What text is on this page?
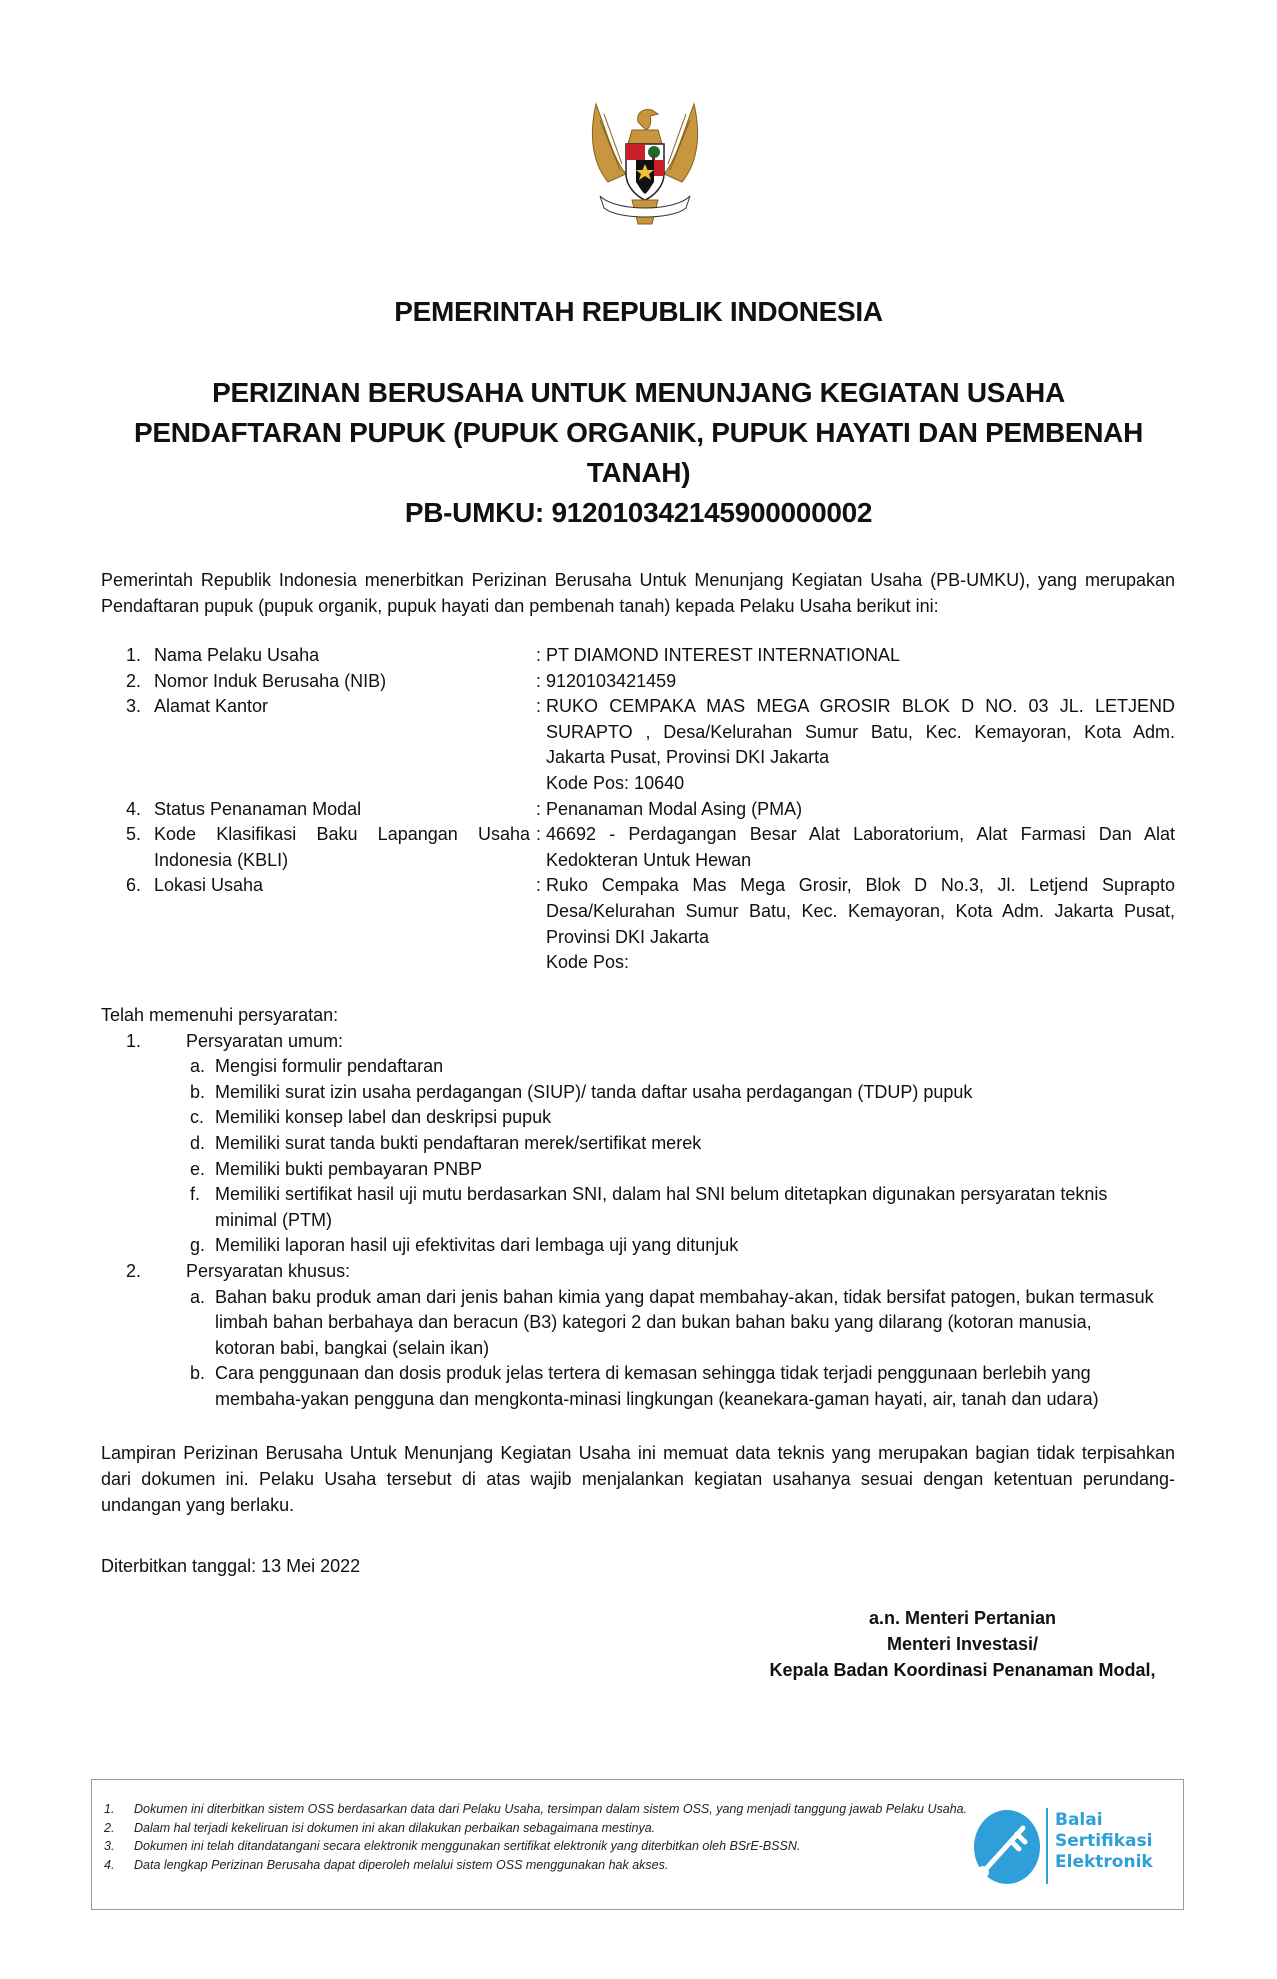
PEMERINTAH REPUBLIK INDONESIA
PERIZINAN BERUSAHA UNTUK MENUNJANG KEGIATAN USAHA
PENDAFTARAN PUPUK (PUPUK ORGANIK, PUPUK HAYATI DAN PEMBENAH
TANAH)
PB-UMKU: 912010342145900000002
Pemerintah Republik Indonesia menerbitkan Perizinan Berusaha Untuk Menunjang Kegiatan Usaha (PB-UMKU), yang merupakan Pendaftaran pupuk (pupuk organik, pupuk hayati dan pembenah tanah) kepada Pelaku Usaha berikut ini:
1. Nama Pelaku Usaha	: PT DIAMOND INTEREST INTERNATIONAL
2. Nomor Induk Berusaha (NIB)	: 9120103421459
3. Alamat Kantor	: RUKO CEMPAKA MAS MEGA GROSIR BLOK D NO. 03 JL. LETJEND SURAPTO , Desa/Kelurahan Sumur Batu, Kec. Kemayoran, Kota Adm. Jakarta Pusat, Provinsi DKI Jakarta
Kode Pos: 10640
4. Status Penanaman Modal	: Penanaman Modal Asing (PMA)
5. Kode Klasifikasi Baku Lapangan Usaha Indonesia (KBLI)
: 46692 - Perdagangan Besar Alat Laboratorium, Alat Farmasi Dan Alat Kedokteran Untuk Hewan
6. Lokasi Usaha	: Ruko Cempaka Mas Mega Grosir, Blok D No.3, Jl. Letjend Suprapto Desa/Kelurahan Sumur Batu, Kec. Kemayoran, Kota Adm. Jakarta Pusat, Provinsi DKI Jakarta
Kode Pos:
Telah memenuhi persyaratan:
1.	Persyaratan umum:
a. Mengisi formulir pendaftaran
b. Memiliki surat izin usaha perdagangan (SIUP)/ tanda daftar usaha perdagangan (TDUP) pupuk
c. Memiliki konsep label dan deskripsi pupuk
d. Memiliki surat tanda bukti pendaftaran merek/sertifikat merek
e. Memiliki bukti pembayaran PNBP
f. Memiliki sertifikat hasil uji mutu berdasarkan SNI, dalam hal SNI belum ditetapkan digunakan persyaratan teknis minimal (PTM)
g. Memiliki laporan hasil uji efektivitas dari lembaga uji yang ditunjuk
2.	Persyaratan khusus:
a. Bahan baku produk aman dari jenis bahan kimia yang dapat membahay-akan, tidak bersifat patogen, bukan termasuk limbah bahan berbahaya dan beracun (B3) kategori 2 dan bukan bahan baku yang dilarang (kotoran manusia, kotoran babi, bangkai (selain ikan)
b. Cara penggunaan dan dosis produk jelas tertera di kemasan sehingga tidak terjadi penggunaan berlebih yang membaha-yakan pengguna dan mengkonta-minasi lingkungan (keanekara-gaman hayati, air, tanah dan udara)
Lampiran Perizinan Berusaha Untuk Menunjang Kegiatan Usaha ini memuat data teknis yang merupakan bagian tidak terpisahkan dari dokumen ini. Pelaku Usaha tersebut di atas wajib menjalankan kegiatan usahanya sesuai dengan ketentuan perundang-undangan yang berlaku.
Diterbitkan tanggal: 13 Mei 2022
a.n. Menteri Pertanian
Menteri Investasi/
Kepala Badan Koordinasi Penanaman Modal,
1.	Dokumen ini diterbitkan sistem OSS berdasarkan data dari Pelaku Usaha, tersimpan dalam sistem OSS, yang menjadi tanggung jawab Pelaku Usaha.
2.	Dalam hal terjadi kekeliruan isi dokumen ini akan dilakukan perbaikan sebagaimana mestinya.
3.	Dokumen ini telah ditandatangani secara elektronik menggunakan sertifikat elektronik yang diterbitkan oleh BSrE-BSSN.
4.	Data lengkap Perizinan Berusaha dapat diperoleh melalui sistem OSS menggunakan hak akses.
Balai
Sertifikasi
Elektronik
